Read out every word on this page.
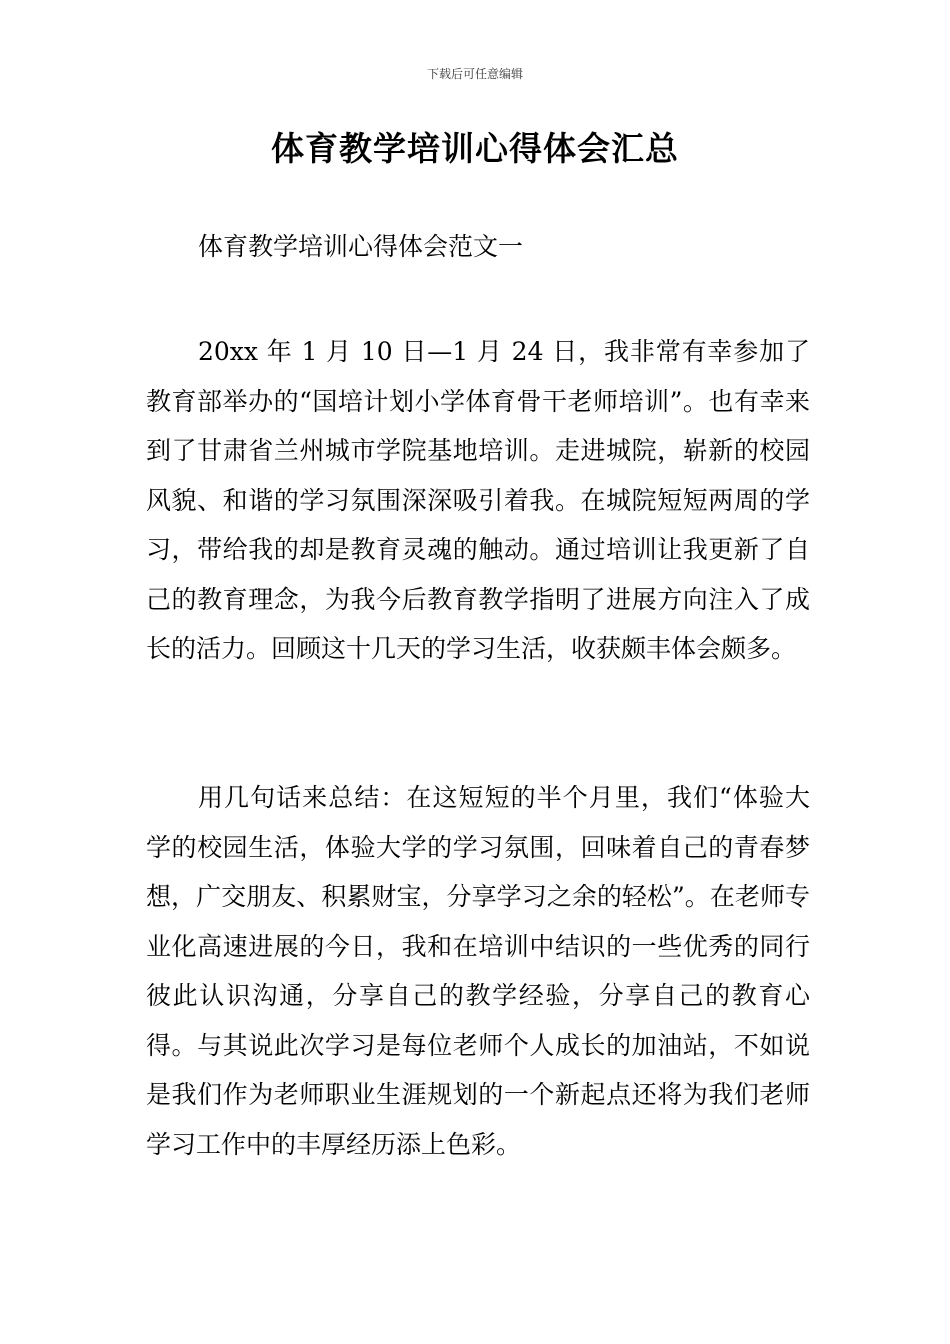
下载后可任意编辑
体育教学培训心得体会汇总
体育教学培训心得体会范文一

20xx 年 1 月 10 日—1 月 24 日，我非常有幸参加了教育部举办的“国培计划小学体育骨干老师培训”。也有幸来到了甘肃省兰州城市学院基地培训。走进城院，崭新的校园风貌、和谐的学习氛围深深吸引着我。在城院短短两周的学习，带给我的却是教育灵魂的触动。通过培训让我更新了自己的教育理念，为我今后教育教学指明了进展方向注入了成长的活力。回顾这十几天的学习生活，收获颇丰体会颇多。

用几句话来总结：在这短短的半个月里，我们“体验大学的校园生活，体验大学的学习氛围，回味着自己的青春梦想，广交朋友、积累财宝，分享学习之余的轻松”。在老师专业化高速进展的今日，我和在培训中结识的一些优秀的同行彼此认识沟通，分享自己的教学经验，分享自己的教育心得。与其说此次学习是每位老师个人成长的加油站，不如说是我们作为老师职业生涯规划的一个新起点还将为我们老师学习工作中的丰厚经历添上色彩。
